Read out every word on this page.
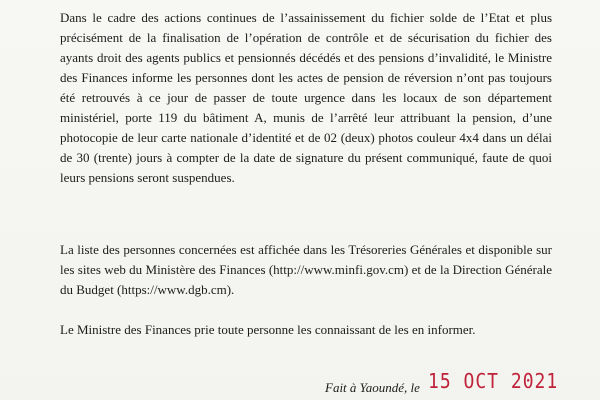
Dans le cadre des actions continues de l’assainissement du fichier solde de l’Etat et plus précisément de la finalisation de l’opération de contrôle et de sécurisation du fichier des ayants droit des agents publics et pensionnés décédés et des pensions d’invalidité, le Ministre des Finances informe les personnes dont les actes de pension de réversion n’ont pas toujours été retrouvés à ce jour de passer de toute urgence dans les locaux de son département ministériel, porte 119 du bâtiment A, munis de l’arrêté leur attribuant la pension, d’une photocopie de leur carte nationale d’identité et de 02 (deux) photos couleur 4x4 dans un délai de 30 (trente) jours à compter de la date de signature du présent communiqué, faute de quoi leurs pensions seront suspendues.

La liste des personnes concernées est affichée dans les Trésoreries Générales et disponible sur les sites web du Ministère des Finances (http://www.minfi.gov.cm) et de la Direction Générale du Budget (https://www.dgb.cm).

Le Ministre des Finances prie toute personne les connaissant de les en informer.

Fait à Yaoundé, le 15 OCT 2021
